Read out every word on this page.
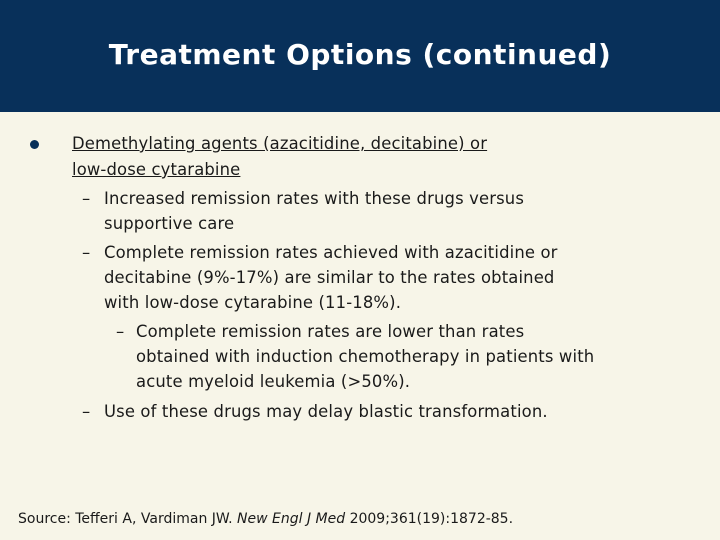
Treatment Options (continued)
Demethylating agents (azacitidine, decitabine) or
low-dose cytarabine
– Increased remission rates with these drugs versus
supportive care
– Complete remission rates achieved with azacitidine or
decitabine (9%-17%) are similar to the rates obtained
with low-dose cytarabine (11-18%).
– Complete remission rates are lower than rates
obtained with induction chemotherapy in patients with
acute myeloid leukemia (>50%).
– Use of these drugs may delay blastic transformation.
Source: Tefferi A, Vardiman JW. New Engl J Med 2009;361(19):1872-85.
